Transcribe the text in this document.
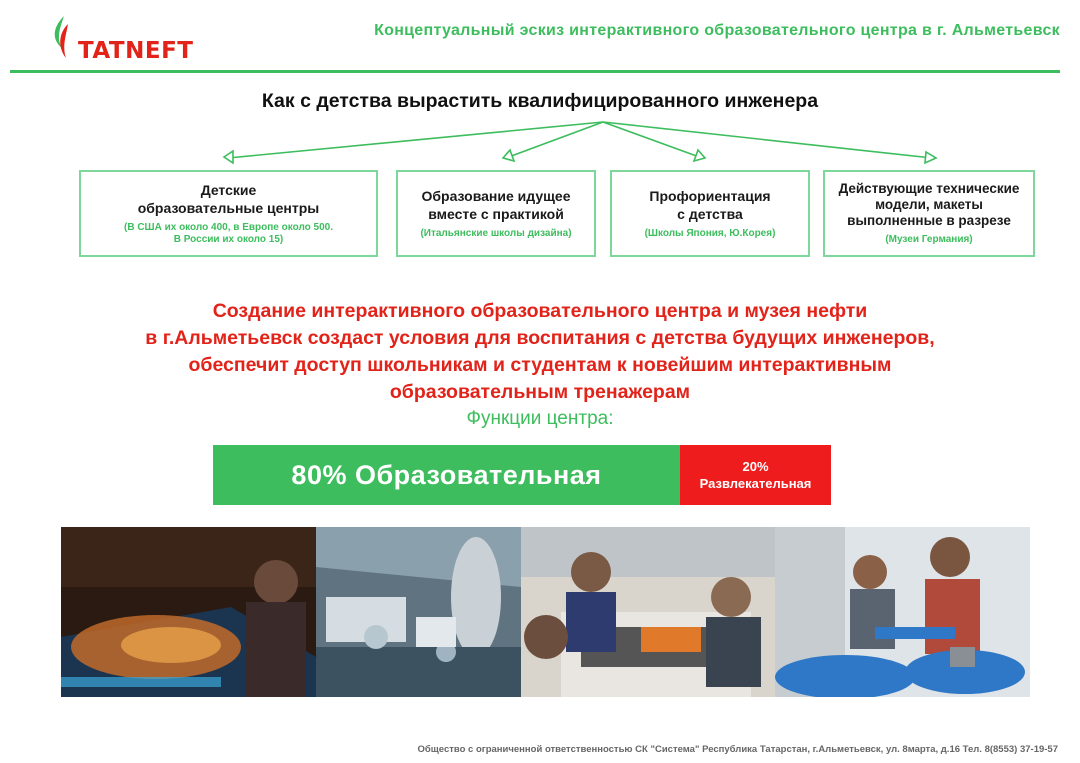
TATNEFT
Концептуальный эскиз интерактивного образовательного центра в г. Альметьевск
Как с детства вырастить квалифицированного инженера
Детские
образовательные центры
(В США их около 400, в Европе около 500.
В России их около 15)
Образование идущее
вместе с практикой
(Итальянские школы дизайна)
Профориентация
с детства
(Школы Япония, Ю.Корея)
Действующие технические
модели, макеты
выполненные в разрезе
(Музеи Германия)
Создание интерактивного образовательного центра и музея нефти
в г.Альметьевск создаст условия для воспитания с детства будущих инженеров,
обеспечит доступ школьникам и студентам к новейшим интерактивным
образовательным тренажерам
Функции центра:
80% Образовательная	20%
Развлекательная
Общество с ограниченной ответственностью СК "Система" Республика Татарстан, г.Альметьевск, ул. 8марта, д.16 Тел. 8(8553) 37-19-57
